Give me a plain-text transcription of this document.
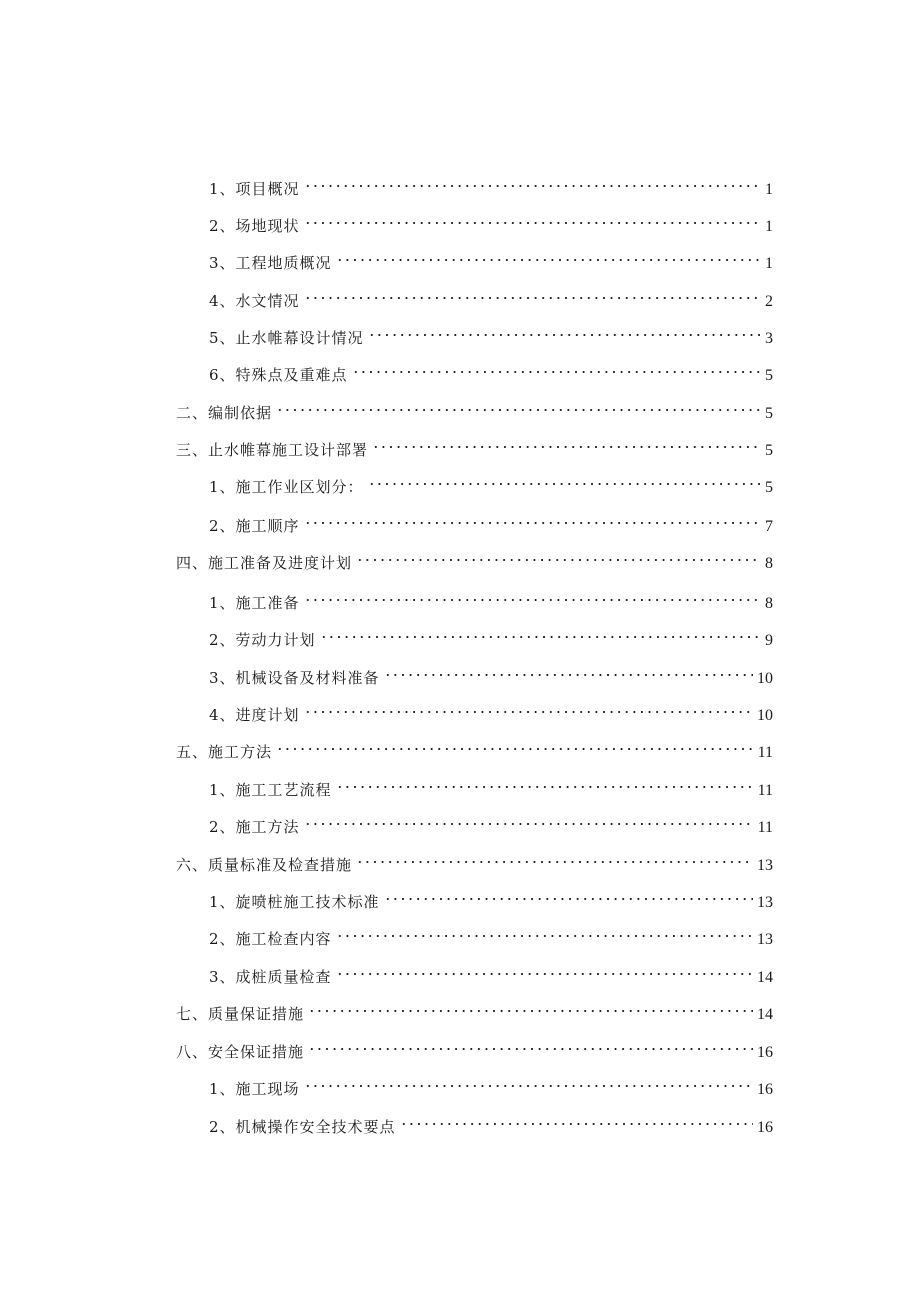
1、项目概况	1
2、场地现状	1
3、工程地质概况	1
4、水文情况	2
5、止水帷幕设计情况	3
6、特殊点及重难点	5
二、编制依据	5
三、止水帷幕施工设计部署	5
1、施工作业区划分：	5
2、施工顺序	7
四、施工准备及进度计划	8
1、施工准备	8
2、劳动力计划	9
3、机械设备及材料准备	10
4、进度计划	10
五、施工方法	11
1、施工工艺流程	11
2、施工方法	11
六、质量标准及检查措施	13
1、旋喷桩施工技术标准	13
2、施工检查内容	13
3、成桩质量检查	14
七、质量保证措施	14
八、安全保证措施	16
1、施工现场	16
2、机械操作安全技术要点	16
